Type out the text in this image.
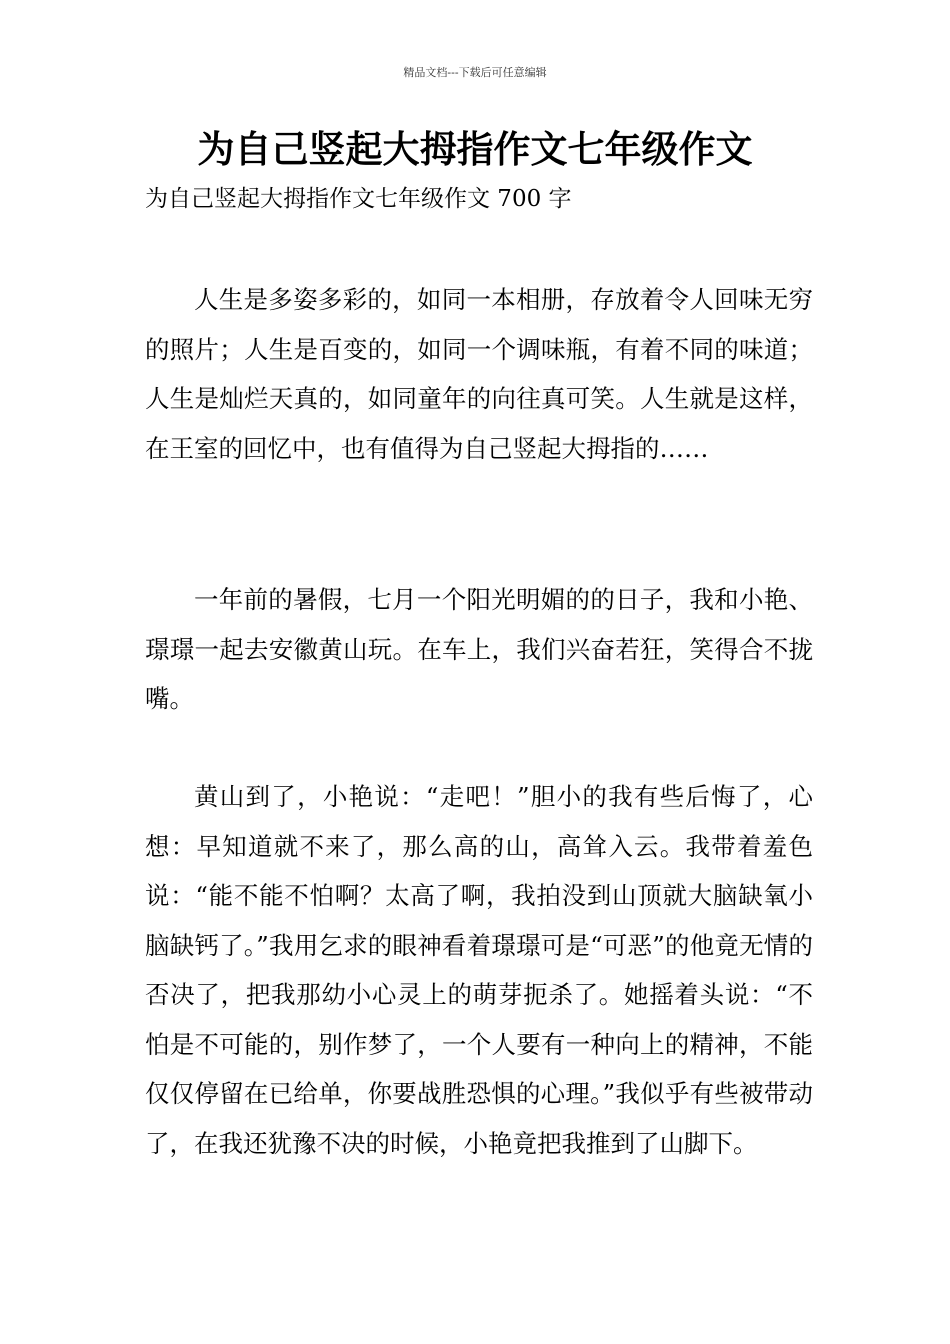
精品文档---下载后可任意编辑
为自己竖起大拇指作文七年级作文

为自己竖起大拇指作文七年级作文 700 字

人生是多姿多彩的，如同一本相册，存放着令人回味无穷的照片；人生是百变的，如同一个调味瓶，有着不同的味道；人生是灿烂天真的，如同童年的向往真可笑。人生就是这样，在王室的回忆中，也有值得为自己竖起大拇指的……

一年前的暑假，七月一个阳光明媚的的日子，我和小艳、璟璟一起去安徽黄山玩。在车上，我们兴奋若狂，笑得合不拢嘴。

黄山到了，小艳说：“走吧！”胆小的我有些后悔了，心想：早知道就不来了，那么高的山，高耸入云。我带着羞色说：“能不能不怕啊？太高了啊，我拍没到山顶就大脑缺氧小脑缺钙了。”我用乞求的眼神看着璟璟可是“可恶”的他竟无情的否决了，把我那幼小心灵上的萌芽扼杀了。她摇着头说：“不怕是不可能的，别作梦了，一个人要有一种向上的精神，不能仅仅停留在已给单，你要战胜恐惧的心理。”我似乎有些被带动了，在我还犹豫不决的时候，小艳竟把我推到了山脚下。
